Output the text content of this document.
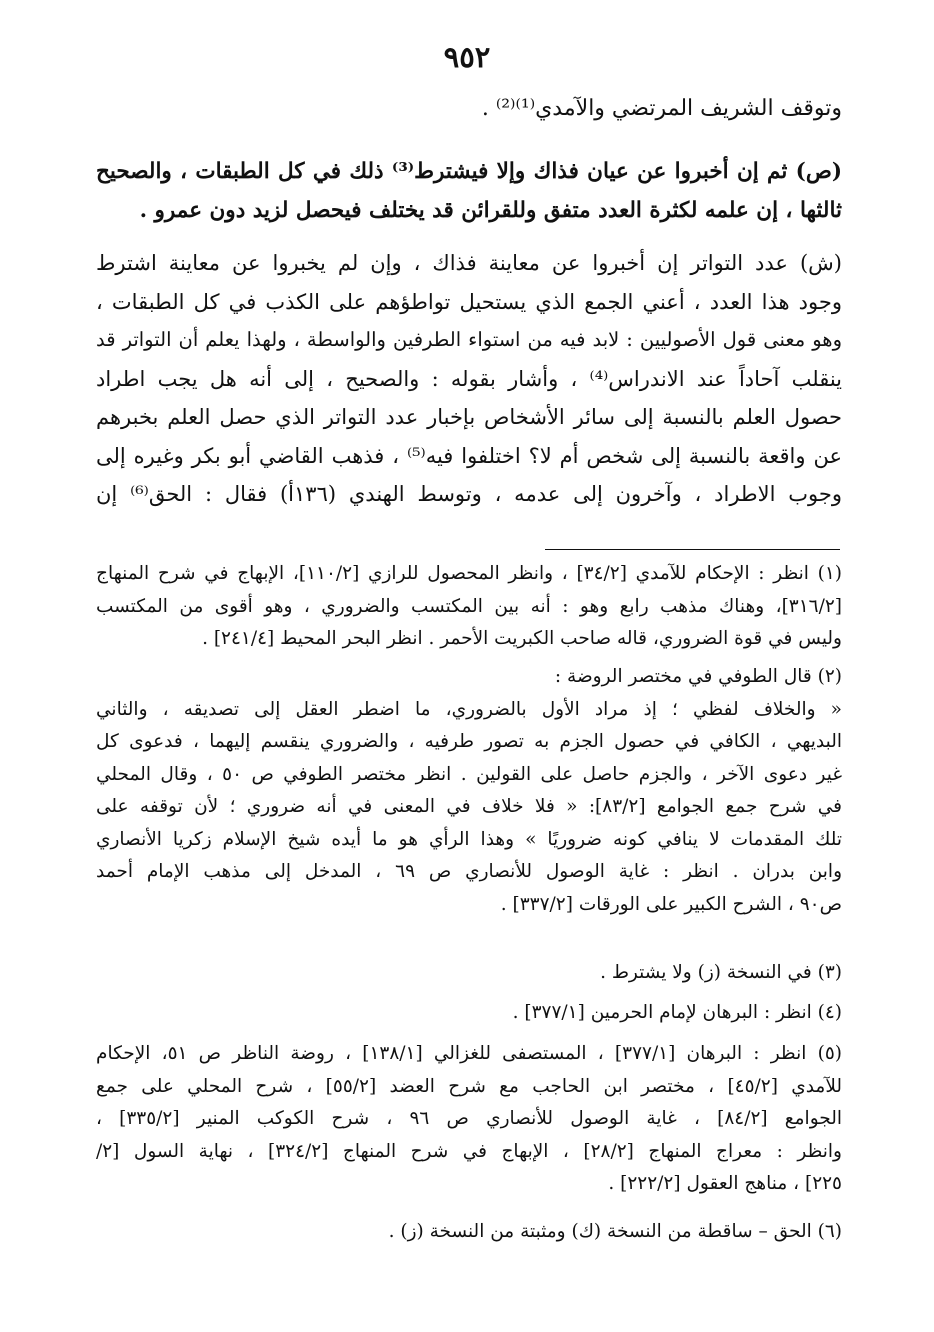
٩٥٢
وتوقف الشريف المرتضي والآمدي⁽¹⁾⁽²⁾ .
(ص) ثم إن أخبروا عن عيان فذاك وإلا فيشترط⁽³⁾ ذلك في كل الطبقات ، والصحيح
ثالثها ، إن علمه لكثرة العدد متفق وللقرائن قد يختلف فيحصل لزيد دون عمرو .
(ش) عدد التواتر إن أخبروا عن معاينة فذاك ، وإن لم يخبروا عن معاينة اشترط
وجود هذا العدد ، أعني الجمع الذي يستحيل تواطؤهم على الكذب في كل الطبقات ،
وهو معنى قول الأصوليين : لابد فيه من استواء الطرفين والواسطة ، ولهذا يعلم أن التواتر قد
ينقلب آحاداً عند الاندراس⁽⁴⁾ ، وأشار بقوله : والصحيح ، إلى أنه هل يجب اطراد
حصول العلم بالنسبة إلى سائر الأشخاص بإخبار عدد التواتر الذي حصل العلم بخبرهم
عن واقعة بالنسبة إلى شخص أم لا؟ اختلفوا فيه⁽⁵⁾ ، فذهب القاضي أبو بكر وغيره إلى
وجوب الاطراد ، وآخرون إلى عدمه ، وتوسط الهندي (١٣٦أ) فقال : الحق⁽⁶⁾ إن
(١) انظر : الإحكام للآمدي [٣٤/٢] ، وانظر المحصول للرازي [١١٠/٢]، الإبهاج في شرح المنهاج
[٣١٦/٢]، وهناك مذهب رابع وهو : أنه بين المكتسب والضروري ، وهو أقوى من المكتسب
وليس في قوة الضروري، قاله صاحب الكبريت الأحمر . انظر البحر المحيط [٢٤١/٤] .
(٢) قال الطوفي في مختصر الروضة :
« والخلاف لفظي ؛ إذ مراد الأول بالضروري، ما اضطر العقل إلى تصديقه ، والثاني
البديهي ، الكافي في حصول الجزم به تصور طرفيه ، والضروري ينقسم إليهما ، فدعوى كل
غير دعوى الآخر ، والجزم حاصل على القولين . انظر مختصر الطوفي ص ٥٠ ، وقال المحلي
في شرح جمع الجوامع [٨٣/٢]: « فلا خلاف في المعنى في أنه ضروري ؛ لأن توقفه على
تلك المقدمات لا ينافي كونه ضروريًا » وهذا الرأي هو ما أيده شيخ الإسلام زكريا الأنصاري
وابن بدران . انظر : غاية الوصول للأنصاري ص ٦٩ ، المدخل إلى مذهب الإمام أحمد
ص٩٠ ، الشرح الكبير على الورقات [٣٣٧/٢] .
(٣) في النسخة (ز) ولا يشترط .
(٤) انظر : البرهان لإمام الحرمين [٣٧٧/١] .
(٥) انظر : البرهان [٣٧٧/١] ، المستصفى للغزالي [١٣٨/١] ، روضة الناظر ص ٥١، الإحكام
للآمدي [٤٥/٢] ، مختصر ابن الحاجب مع شرح العضد [٥٥/٢] ، شرح المحلي على جمع
الجوامع [٨٤/٢] ، غاية الوصول للأنصاري ص ٩٦ ، شرح الكوكب المنير [٣٣٥/٢] ،
وانظر : معراج المنهاج [٢٨/٢] ، الإبهاج في شرح المنهاج [٣٢٤/٢] ، نهاية السول [٢/
٢٢٥] ، مناهج العقول [٢٢٢/٢] .
(٦) الحق – ساقطة من النسخة (ك) ومثبتة من النسخة (ز) .
